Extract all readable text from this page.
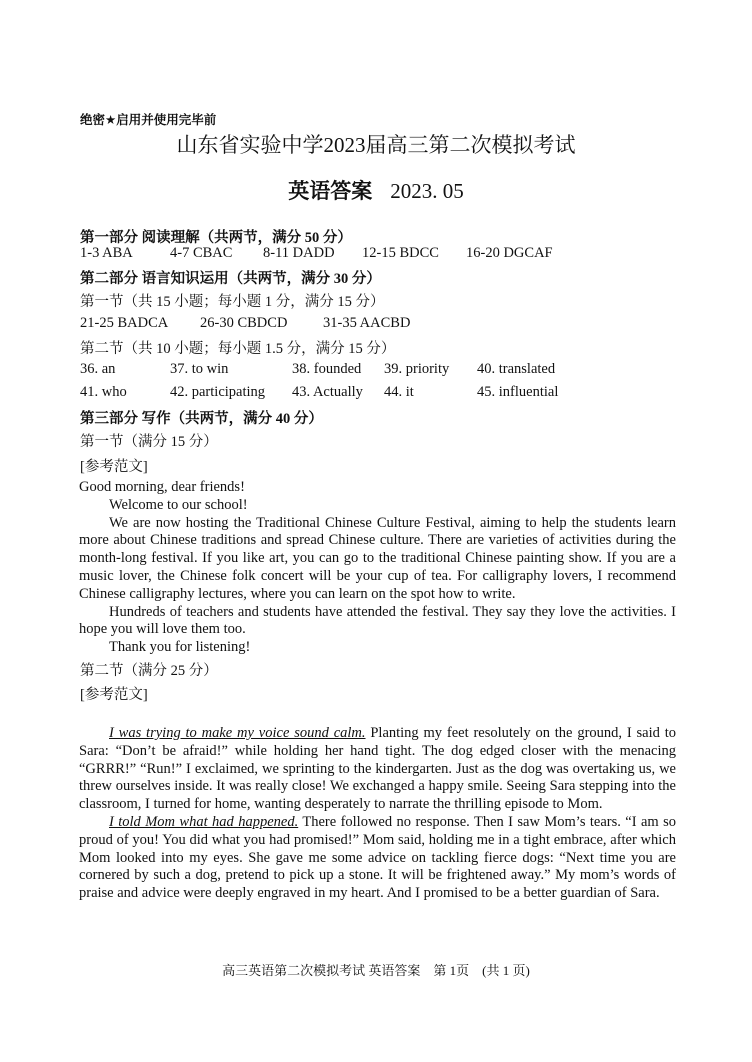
绝密★启用并使用完毕前
山东省实验中学2023届高三第二次模拟考试
英语答案 2023. 05
第一部分 阅读理解（共两节，满分 50 分）
1-3 ABA	4-7 CBAC	8-11 DADD	12-15 BDCC	16-20 DGCAF
第二部分 语言知识运用（共两节，满分 30 分）
第一节（共 15 小题；每小题 1 分，满分 15 分）
21-25 BADCA	26-30 CBDCD	31-35 AACBD
第二节（共 10 小题；每小题 1.5 分，满分 15 分）
36. an	37. to win	38. founded	39. priority	40. translated
41. who	42. participating	43. Actually	44. it	45. influential
第三部分 写作（共两节，满分 40 分）
第一节（满分 15 分）
[参考范文]
Good morning, dear friends!
Welcome to our school!
We are now hosting the Traditional Chinese Culture Festival, aiming to help the students learn more about Chinese traditions and spread Chinese culture. There are varieties of activities during the month-long festival. If you like art, you can go to the traditional Chinese painting show. If you are a music lover, the Chinese folk concert will be your cup of tea. For calligraphy lovers, I recommend Chinese calligraphy lectures, where you can learn on the spot how to write.
Hundreds of teachers and students have attended the festival. They say they love the activities. I hope you will love them too.
Thank you for listening!
第二节（满分 25 分）
[参考范文]
I was trying to make my voice sound calm. Planting my feet resolutely on the ground, I said to Sara: “Don’t be afraid!” while holding her hand tight. The dog edged closer with the menacing “GRRR!” “Run!” I exclaimed, we sprinting to the kindergarten. Just as the dog was overtaking us, we threw ourselves inside. It was really close! We exchanged a happy smile. Seeing Sara stepping into the classroom, I turned for home, wanting desperately to narrate the thrilling episode to Mom.
I told Mom what had happened. There followed no response. Then I saw Mom’s tears. “I am so proud of you! You did what you had promised!” Mom said, holding me in a tight embrace, after which Mom looked into my eyes. She gave me some advice on tackling fierce dogs: “Next time you are cornered by such a dog, pretend to pick up a stone. It will be frightened away.” My mom’s words of praise and advice were deeply engraved in my heart. And I promised to be a better guardian of Sara.
高三英语第二次模拟考试 英语答案　第 1页　(共 1 页)
